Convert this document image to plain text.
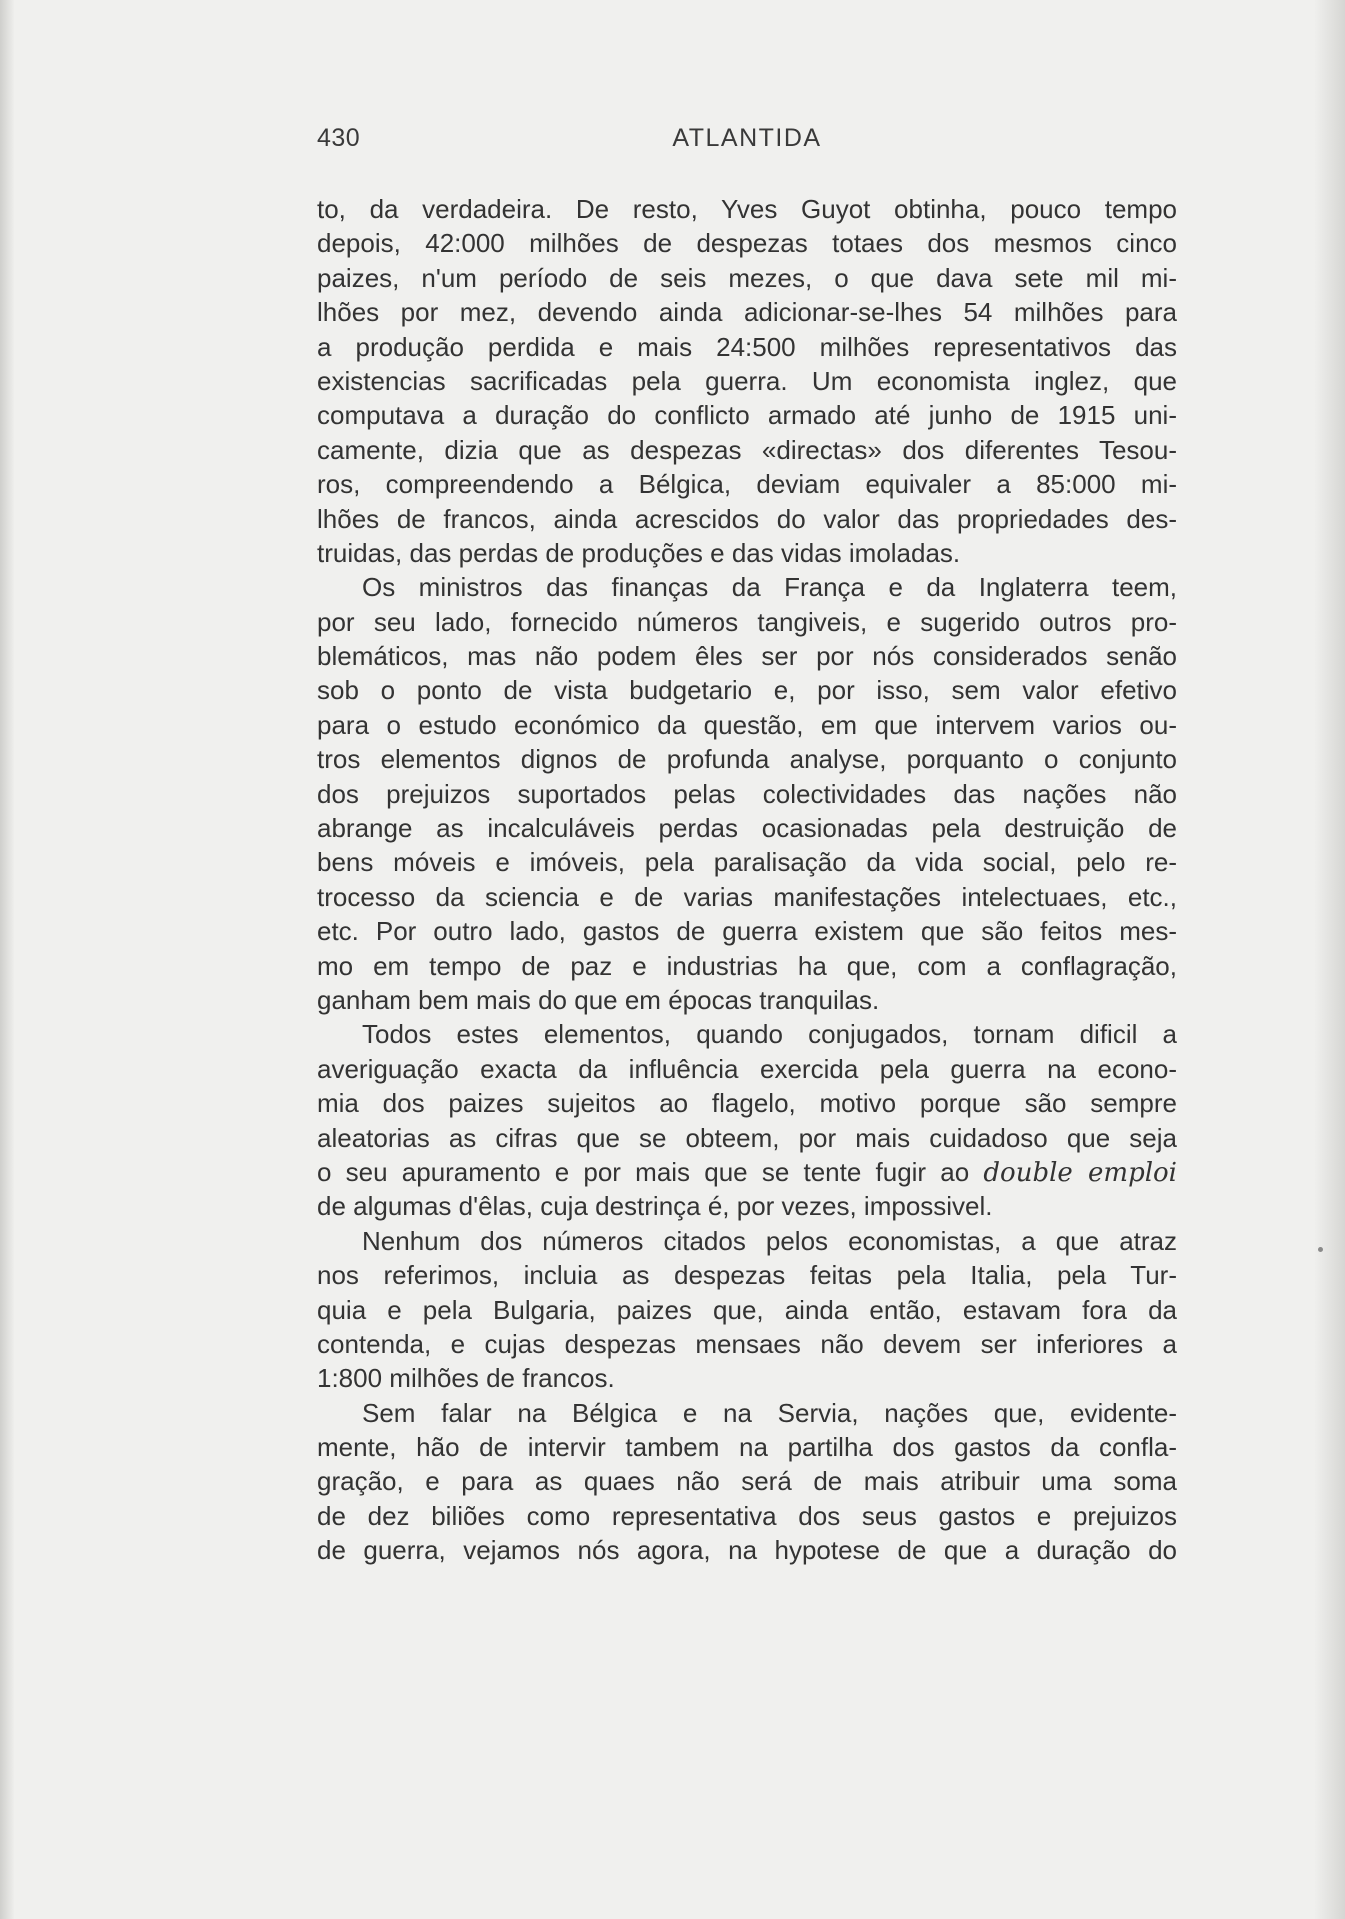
430	ATLANTIDA
to, da verdadeira. De resto, Yves Guyot obtinha, pouco tempo
depois, 42:000 milhões de despezas totaes dos mesmos cinco
paizes, n'um período de seis mezes, o que dava sete mil mi-
lhões por mez, devendo ainda adicionar-se-lhes 54 milhões para
a produção perdida e mais 24:500 milhões representativos das
existencias sacrificadas pela guerra. Um economista inglez, que
computava a duração do conflicto armado até junho de 1915 uni-
camente, dizia que as despezas «directas» dos diferentes Tesou-
ros, compreendendo a Bélgica, deviam equivaler a 85:000 mi-
lhões de francos, ainda acrescidos do valor das propriedades des-
truidas, das perdas de produções e das vidas imoladas.
Os ministros das finanças da França e da Inglaterra teem,
por seu lado, fornecido números tangiveis, e sugerido outros pro-
blemáticos, mas não podem êles ser por nós considerados senão
sob o ponto de vista budgetario e, por isso, sem valor efetivo
para o estudo económico da questão, em que intervem varios ou-
tros elementos dignos de profunda analyse, porquanto o conjunto
dos prejuizos suportados pelas colectividades das nações não
abrange as incalculáveis perdas ocasionadas pela destruição de
bens móveis e imóveis, pela paralisação da vida social, pelo re-
trocesso da sciencia e de varias manifestações intelectuaes, etc.,
etc. Por outro lado, gastos de guerra existem que são feitos mes-
mo em tempo de paz e industrias ha que, com a conflagração,
ganham bem mais do que em épocas tranquilas.
Todos estes elementos, quando conjugados, tornam dificil a
averiguação exacta da influência exercida pela guerra na econo-
mia dos paizes sujeitos ao flagelo, motivo porque são sempre
aleatorias as cifras que se obteem, por mais cuidadoso que seja
o seu apuramento e por mais que se tente fugir ao double emploi
de algumas d'êlas, cuja destrinça é, por vezes, impossivel.
Nenhum dos números citados pelos economistas, a que atraz
nos referimos, incluia as despezas feitas pela Italia, pela Tur-
quia e pela Bulgaria, paizes que, ainda então, estavam fora da
contenda, e cujas despezas mensaes não devem ser inferiores a
1:800 milhões de francos.
Sem falar na Bélgica e na Servia, nações que, evidente-
mente, hão de intervir tambem na partilha dos gastos da confla-
gração, e para as quaes não será de mais atribuir uma soma
de dez biliões como representativa dos seus gastos e prejuizos
de guerra, vejamos nós agora, na hypotese de que a duração do
